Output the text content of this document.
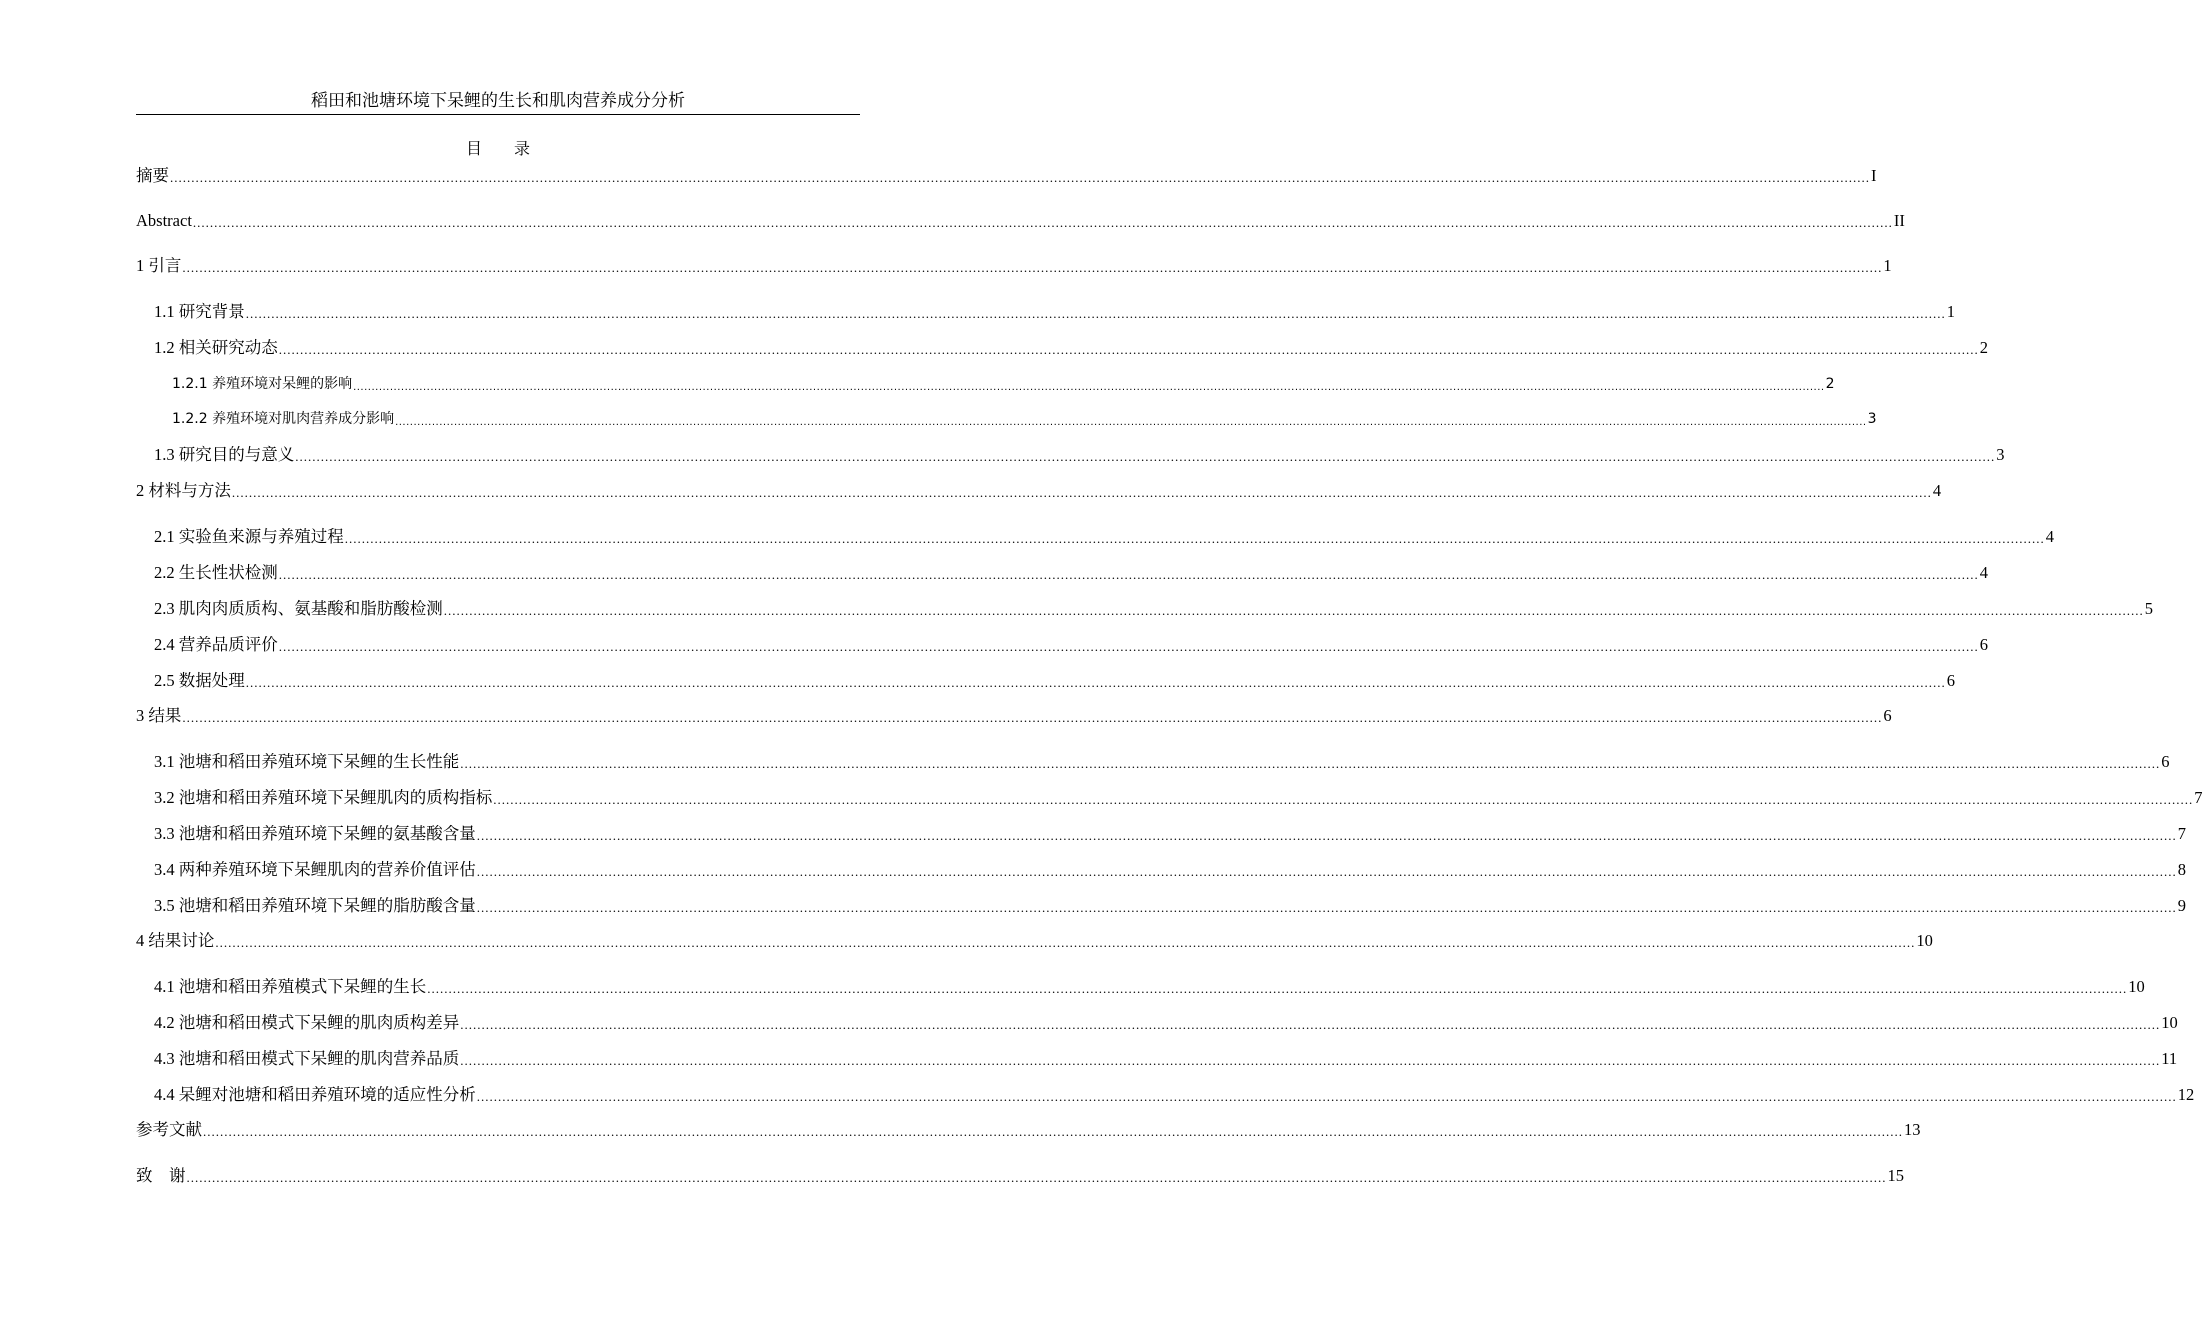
稻田和池塘环境下呆鲤的生长和肌肉营养成分分析
目 录
摘要 ................................................................................................................................................................................................................................................................................................................................................................................................................ I
Abstract ................................................................................................................................................................................................................................................................................................................................................................................................................ II
1 引言 ................................................................................................................................................................................................................................................................................................................................................................................................................ 1
1.1 研究背景 ................................................................................................................................................................................................................................................................................................................................................................................................................ 1
1.2 相关研究动态 ................................................................................................................................................................................................................................................................................................................................................................................................................ 2
1.2.1 养殖环境对呆鲤的影响 ................................................................................................................................................................................................................................................................................................................................................................................................................ 2
1.2.2 养殖环境对肌肉营养成分影响 ................................................................................................................................................................................................................................................................................................................................................................................................................ 3
1.3 研究目的与意义 ................................................................................................................................................................................................................................................................................................................................................................................................................ 3
2 材料与方法 ................................................................................................................................................................................................................................................................................................................................................................................................................ 4
2.1 实验鱼来源与养殖过程 ................................................................................................................................................................................................................................................................................................................................................................................................................ 4
2.2 生长性状检测 ................................................................................................................................................................................................................................................................................................................................................................................................................ 4
2.3 肌肉肉质质构、氨基酸和脂肪酸检测 ................................................................................................................................................................................................................................................................................................................................................................................................................ 5
2.4 营养品质评价 ................................................................................................................................................................................................................................................................................................................................................................................................................ 6
2.5 数据处理 ................................................................................................................................................................................................................................................................................................................................................................................................................ 6
3 结果 ................................................................................................................................................................................................................................................................................................................................................................................................................ 6
3.1 池塘和稻田养殖环境下呆鲤的生长性能 ................................................................................................................................................................................................................................................................................................................................................................................................................ 6
3.2 池塘和稻田养殖环境下呆鲤肌肉的质构指标 ................................................................................................................................................................................................................................................................................................................................................................................................................ 7
3.3 池塘和稻田养殖环境下呆鲤的氨基酸含量 ................................................................................................................................................................................................................................................................................................................................................................................................................ 7
3.4 两种养殖环境下呆鲤肌肉的营养价值评估 ................................................................................................................................................................................................................................................................................................................................................................................................................ 8
3.5 池塘和稻田养殖环境下呆鲤的脂肪酸含量 ................................................................................................................................................................................................................................................................................................................................................................................................................ 9
4 结果讨论 ................................................................................................................................................................................................................................................................................................................................................................................................................ 10
4.1 池塘和稻田养殖模式下呆鲤的生长 ................................................................................................................................................................................................................................................................................................................................................................................................................ 10
4.2 池塘和稻田模式下呆鲤的肌肉质构差异 ................................................................................................................................................................................................................................................................................................................................................................................................................ 10
4.3 池塘和稻田模式下呆鲤的肌肉营养品质 ................................................................................................................................................................................................................................................................................................................................................................................................................ 11
4.4 呆鲤对池塘和稻田养殖环境的适应性分析 ................................................................................................................................................................................................................................................................................................................................................................................................................ 12
参考文献 ................................................................................................................................................................................................................................................................................................................................................................................................................ 13
致    谢 ................................................................................................................................................................................................................................................................................................................................................................................................................ 15
